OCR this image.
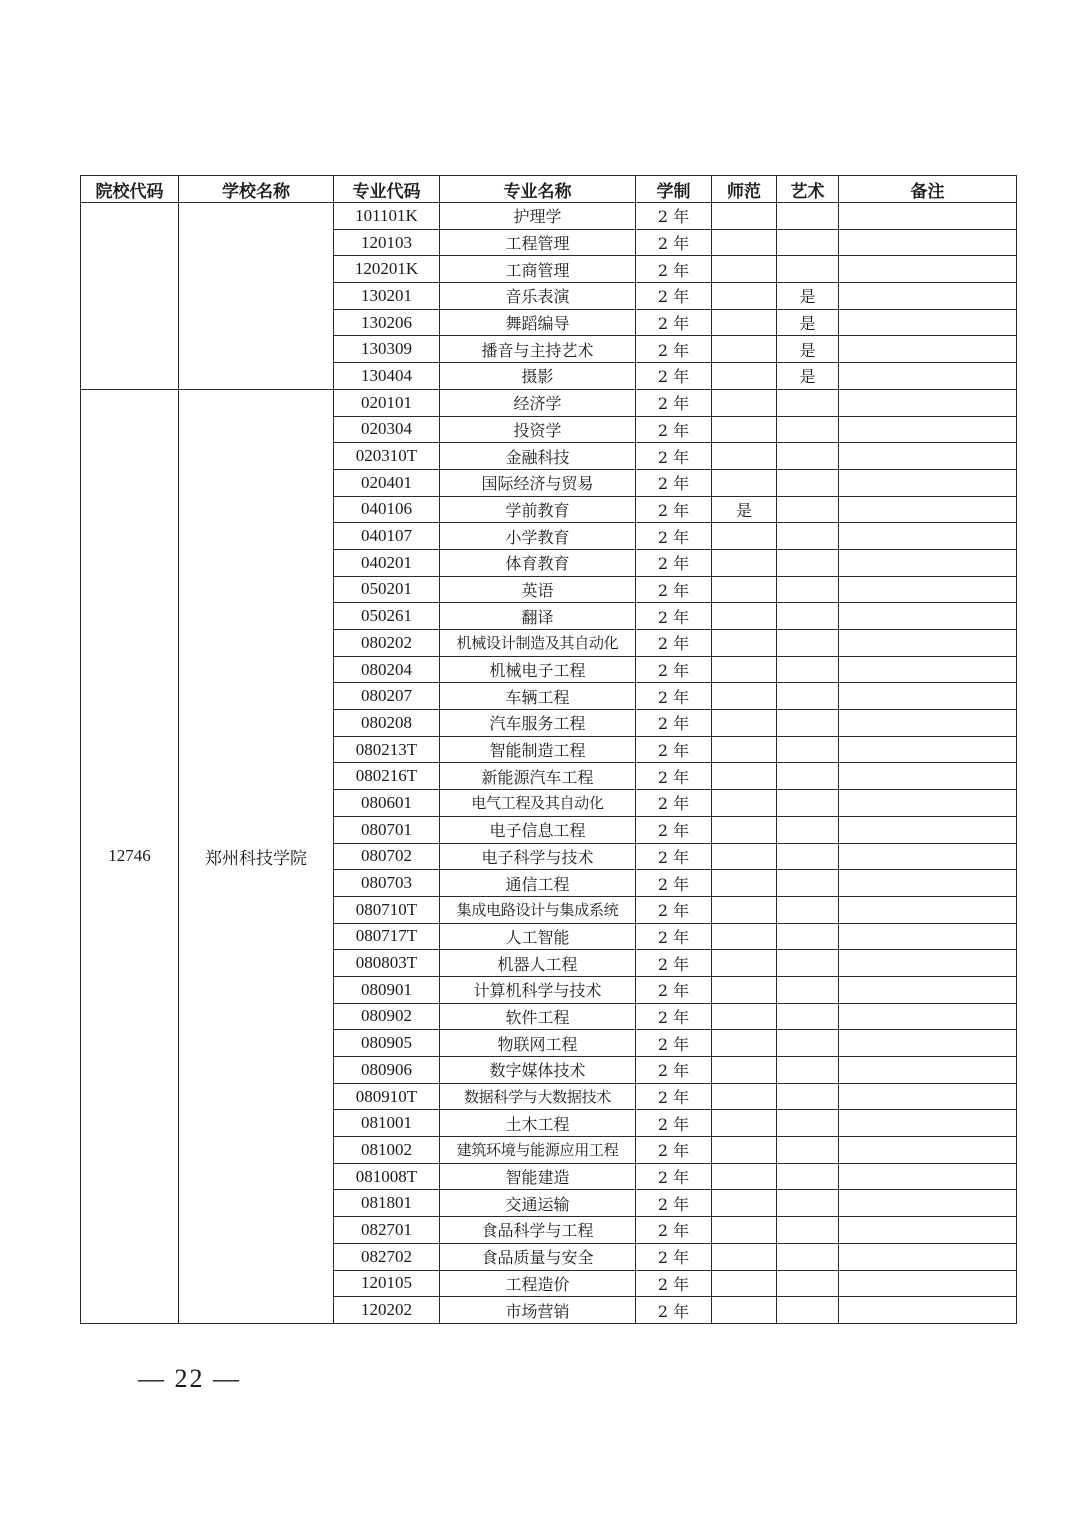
院校代码	学校名称	专业代码	专业名称	学制	师范	艺术	备注
		101101K	护理学	2 年			
		120103	工程管理	2 年			
		120201K	工商管理	2 年			
		130201	音乐表演	2 年		是	
		130206	舞蹈编导	2 年		是	
		130309	播音与主持艺术	2 年		是	
		130404	摄影	2 年		是	
12746	郑州科技学院	020101	经济学	2 年			
		020304	投资学	2 年			
		020310T	金融科技	2 年			
		020401	国际经济与贸易	2 年			
		040106	学前教育	2 年	是		
		040107	小学教育	2 年			
		040201	体育教育	2 年			
		050201	英语	2 年			
		050261	翻译	2 年			
		080202	机械设计制造及其自动化	2 年			
		080204	机械电子工程	2 年			
		080207	车辆工程	2 年			
		080208	汽车服务工程	2 年			
		080213T	智能制造工程	2 年			
		080216T	新能源汽车工程	2 年			
		080601	电气工程及其自动化	2 年			
		080701	电子信息工程	2 年			
		080702	电子科学与技术	2 年			
		080703	通信工程	2 年			
		080710T	集成电路设计与集成系统	2 年			
		080717T	人工智能	2 年			
		080803T	机器人工程	2 年			
		080901	计算机科学与技术	2 年			
		080902	软件工程	2 年			
		080905	物联网工程	2 年			
		080906	数字媒体技术	2 年			
		080910T	数据科学与大数据技术	2 年			
		081001	土木工程	2 年			
		081002	建筑环境与能源应用工程	2 年			
		081008T	智能建造	2 年			
		081801	交通运输	2 年			
		082701	食品科学与工程	2 年			
		082702	食品质量与安全	2 年			
		120105	工程造价	2 年			
		120202	市场营销	2 年			
— 22 —
